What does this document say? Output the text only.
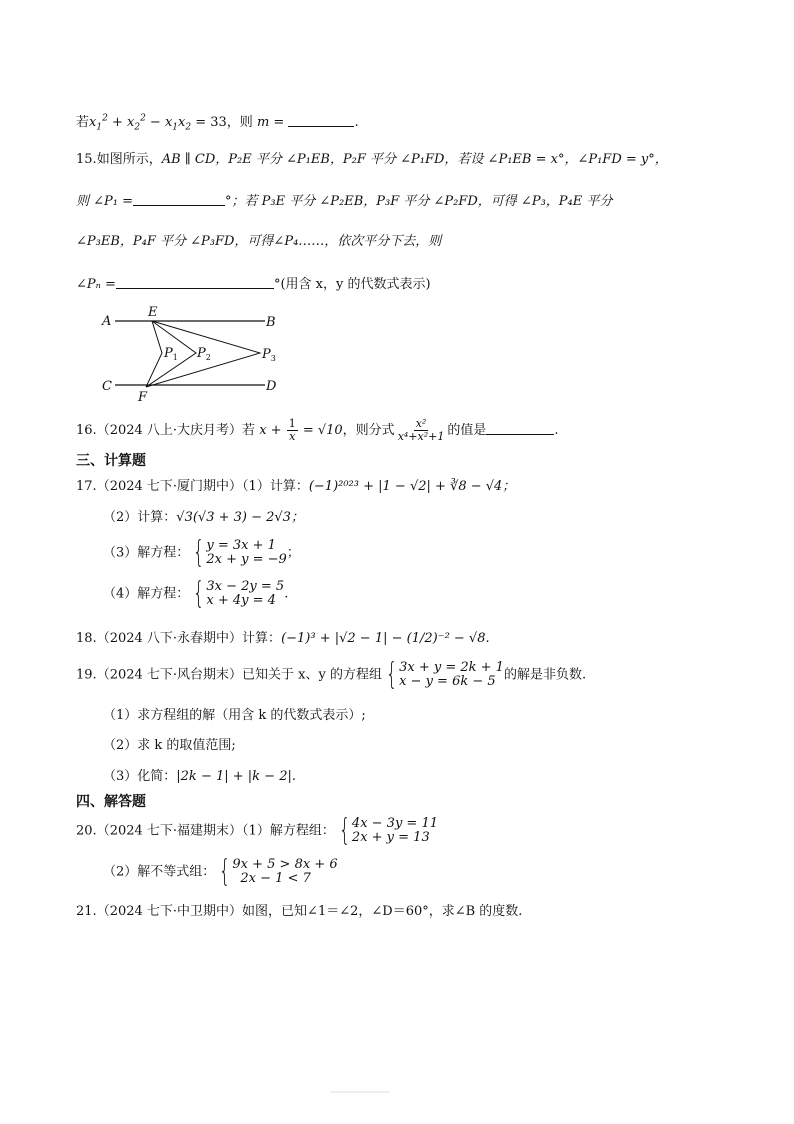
若$x_1^2 + x_2^2 - x_1x_2 = 33$，则 m =	.
15.如图所示，AB ∥ CD，P₂E 平分 ∠P₁EB，P₂F 平分 ∠P₁FD，若设 ∠P₁EB = x°，∠P₁FD = y°，
则 ∠P₁ =	°；若 P₃E 平分 ∠P₂EB，P₃F 平分 ∠P₂FD，可得 ∠P₃，P₄E 平分
∠P₃EB，P₄F 平分 ∠P₃FD，可得∠P₄……，依次平分下去，则
∠Pₙ =	°(用含 x，y 的代数式表示)
A
E
B
$P_1$ $P_2$	$P_3$
C
F
D
16.（2024 八上·大庆月考）若 $x + \frac{1}{x} = √10$，则分式 $\frac{\text{x²}}{\text{x⁴+x²+1}}$ 的值是	.
三、计算题
17.（2024 七下·厦门期中）（1）计算：(−1)²⁰²³ + |1 − √2| + ∛8 − √4；
（2）计算：√3(√3 + 3) − 2√3；
（3）解方程： { y = 3x + 1
2x + y = −9 ；
（4）解方程： { 3x − 2y = 5
x + 4y = 4 .
18.（2024 八下·永春期中）计算：(−1)³ + |√2 − 1| − (1/2)⁻² − √8.
19.（2024 七下·风台期末）已知关于 x、y 的方程组 { 3x + y = 2k + 1
x − y = 6k − 5 的解是非负数.
（1）求方程组的解（用含 k 的代数式表示）;
（2）求 k 的取值范围;
（3）化简：|2k − 1| + |k − 2|.
四、解答题
20.（2024 七下·福建期末）（1）解方程组： { 4x − 3y = 11
2x + y = 13
（2）解不等式组： { 9x + 5 > 8x + 6
2x − 1 < 7
21.（2024 七下·中卫期中）如图，已知∠1＝∠2，∠D＝60°，求∠B 的度数.
